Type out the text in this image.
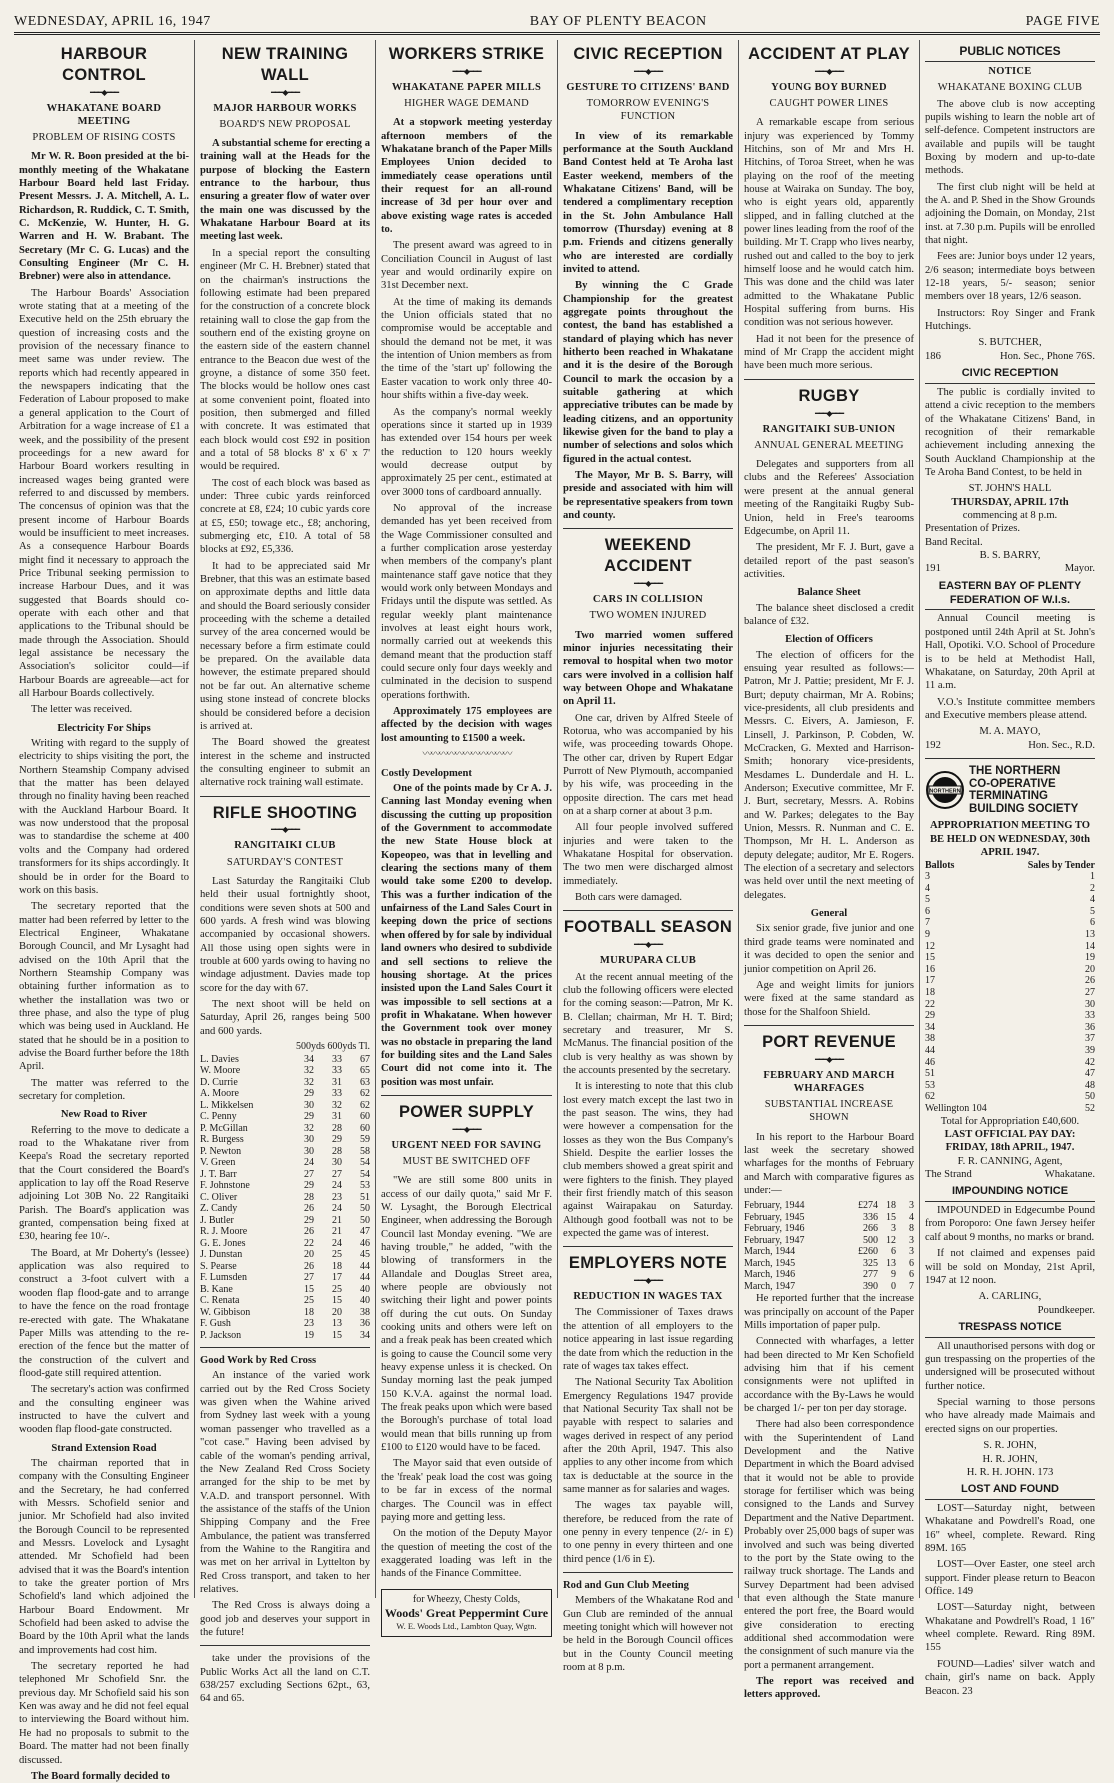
WEDNESDAY, APRIL 16, 1947	BAY OF PLENTY BEACON	PAGE FIVE
HARBOUR CONTROL
━━━◆━━━
WHAKATANE BOARD MEETING
PROBLEM OF RISING COSTS

Mr W. R. Boon presided at the bi-monthly meeting of the Whakatane Harbour Board held last Friday. Present Messrs. J. A. Mitchell, A. L. Richardson, R. Ruddick, C. T. Smith, C. McKenzie, W. Hunter, H. G. Warren and H. W. Brabant. The Secretary (Mr C. G. Lucas) and the Consulting Engineer (Mr C. H. Brebner) were also in attendance.

The Harbour Boards' Association wrote stating that at a meeting of the Executive held on the 25th ebruary the question of increasing costs and the provision of the necessary finance to meet same was under review. The reports which had recently appeared in the newspapers indicating that the Federation of Labour proposed to make a general application to the Court of Arbitration for a wage increase of £1 a week, and the possibility of the present proceedings for a new award for Harbour Board workers resulting in increased wages being granted were referred to and discussed by members. The concensus of opinion was that the present income of Harbour Boards would be insufficient to meet increases. As a consequence Harbour Boards might find it necessary to approach the Price Tribunal seeking permission to increase Harbour Dues, and it was suggested that Boards should co-operate with each other and that applications to the Tribunal should be made through the Association. Should legal assistance be necessary the Association's solicitor could—if Harbour Boards are agreeable—act for all Harbour Boards collectively.

The letter was received.

Electricity For Ships

Writing with regard to the supply of electricity to ships visiting the port, the Northern Steamship Company advised that the matter has been delayed through no finality having been reached with the Auckland Harbour Board. It was now understood that the proposal was to standardise the scheme at 400 volts and the Company had ordered transformers for its ships accordingly. It should be in order for the Board to work on this basis.

The secretary reported that the matter had been referred by letter to the Electrical Engineer, Whakatane Borough Council, and Mr Lysaght had advised on the 10th April that the Northern Steamship Company was obtaining further information as to whether the installation was two or three phase, and also the type of plug which was being used in Auckland. He stated that he should be in a position to advise the Board further before the 18th April.

The matter was referred to the secretary for completion.

New Road to River

Referring to the move to dedicate a road to the Whakatane river from Keepa's Road the secretary reported that the Court considered the Board's application to lay off the Road Reserve adjoining Lot 30B No. 22 Rangitaiki Parish. The Board's application was granted, compensation being fixed at £30, hearing fee 10/-.

The Board, at Mr Doherty's (lessee) application was also required to construct a 3-foot culvert with a wooden flap flood-gate and to arrange to have the fence on the road frontage re-erected with gate. The Whakatane Paper Mills was attending to the re-erection of the fence but the matter of the construction of the culvert and flood-gate still required attention.

The secretary's action was confirmed and the consulting engineer was instructed to have the culvert and wooden flap flood-gate constructed.

Strand Extension Road

The chairman reported that in company with the Consulting Engineer and the Secretary, he had conferred with Messrs. Schofield senior and junior. Mr Schofield had also invited the Borough Council to be represented and Messrs. Lovelock and Lysaght attended. Mr Schofield had been advised that it was the Board's intention to take the greater portion of Mrs Schofield's land which adjoined the Harbour Board Endowment. Mr Schofield had been asked to advise the Board by the 10th April what the lands and improvements had cost him.

The secretary reported he had telephoned Mr Schofield Snr. the previous day. Mr Schofield said his son Ken was away and he did not feel equal to interviewing the Board without him. He had no proposals to submit to the Board. The matter had not been finally discussed.

The Board formally decided to

NEW TRAINING WALL
━━━◆━━━
MAJOR HARBOUR WORKS
BOARD'S NEW PROPOSAL

A substantial scheme for erecting a training wall at the Heads for the purpose of blocking the Eastern entrance to the harbour, thus ensuring a greater flow of water over the main one was discussed by the Whakatane Harbour Board at its meeting last week.

In a special report the consulting engineer (Mr C. H. Brebner) stated that on the chairman's instructions the following estimate had been prepared for the construction of a concrete block retaining wall to close the gap from the southern end of the existing groyne on the eastern side of the eastern channel entrance to the Beacon due west of the groyne, a distance of some 350 feet. The blocks would be hollow ones cast at some convenient point, floated into position, then submerged and filled with concrete. It was estimated that each block would cost £92 in position and a total of 58 blocks 8' x 6' x 7' would be required.

The cost of each block was based as under: Three cubic yards reinforced concrete at £8, £24; 10 cubic yards core at £5, £50; towage etc., £8; anchoring, submerging etc, £10. A total of 58 blocks at £92, £5,336.

It had to be appreciated said Mr Brebner, that this was an estimate based on approximate depths and little data and should the Board seriously consider proceeding with the scheme a detailed survey of the area concerned would be necessary before a firm estimate could be prepared. On the available data however, the estimate prepared should not be far out. An alternative scheme using stone instead of concrete blocks should be considered before a decision is arrived at.

The Board showed the greatest interest in the scheme and instructed the consulting engineer to submit an alternative rock training wall estimate.

RIFLE SHOOTING
━━━◆━━━
RANGITAIKI CLUB
SATURDAY'S CONTEST

Last Saturday the Rangitaiki Club held their usual fortnightly shoot, conditions were seven shots at 500 and 600 yards. A fresh wind was blowing accompanied by occasional showers. All those using open sights were in trouble at 600 yards owing to having no windage adjustment. Davies made top score for the day with 67.

The next shoot will be held on Saturday, April 26, ranges being 500 and 600 yards.

500yds 600yds Tl.
L. Davies	34	33	67
W. Moore	32	33	65
D. Currie	32	31	63
A. Moore	29	33	62
L. Mikkelsen	30	32	62
C. Penny	29	31	60
P. McGillan	32	28	60
R. Burgess	30	29	59
P. Newton	30	28	58
V. Green	24	30	54
J. T. Barr	27	27	54
F. Johnstone	29	24	53
C. Oliver	28	23	51
Z. Candy	26	24	50
J. Butler	29	21	50
R. J. Moore	26	21	47
G. E. Jones	22	24	46
J. Dunstan	20	25	45
S. Pearse	26	18	44
F. Lumsden	27	17	44
B. Kane	15	25	40
C. Renata	25	15	40
W. Gibbison	18	20	38
F. Gush	23	13	36
P. Jackson	19	15	34
Good Work by Red Cross

An instance of the varied work carried out by the Red Cross Society was given when the Wahine arived from Sydney last week with a young woman passenger who travelled as a "cot case." Having been advised by cable of the woman's pending arrival, the New Zealand Red Cross Society arranged for the ship to be met by V.A.D. and transport personnel. With the assistance of the staffs of the Union Shipping Company and the Free Ambulance, the patient was transferred from the Wahine to the Rangitira and was met on her arrival in Lyttelton by Red Cross transport, and taken to her relatives.

The Red Cross is always doing a good job and deserves your support in the future!

take under the provisions of the Public Works Act all the land on C.T. 638/257 excluding Sections 62pt., 63, 64 and 65.

WORKERS STRIKE
━━━◆━━━
WHAKATANE PAPER MILLS
HIGHER WAGE DEMAND

At a stopwork meeting yesterday afternoon members of the Whakatane branch of the Paper Mills Employees Union decided to immediately cease operations until their request for an all-round increase of 3d per hour over and above existing wage rates is acceded to.

The present award was agreed to in Conciliation Council in August of last year and would ordinarily expire on 31st December next.

At the time of making its demands the Union officials stated that no compromise would be acceptable and should the demand not be met, it was the intention of Union members as from the time of the 'start up' following the Easter vacation to work only three 40-hour shifts within a five-day week.

As the company's normal weekly operations since it started up in 1939 has extended over 154 hours per week the reduction to 120 hours weekly would decrease output by approximately 25 per cent., estimated at over 3000 tons of cardboard annually.

No approval of the increase demanded has yet been received from the Wage Commissioner consulted and a further complication arose yesterday when members of the company's plant maintenance staff gave notice that they would work only between Mondays and Fridays until the dispute was settled. As regular weekly plant maintenance involves at least eight hours work, normally carried out at weekends this demand meant that the production staff could secure only four days weekly and culminated in the decision to suspend operations forthwith.

Approximately 175 employees are affected by the decision with wages lost amounting to £1500 a week.

〰〰〰〰〰〰〰〰〰〰〰
Costly Development

One of the points made by Cr A. J. Canning last Monday evening when discussing the cutting up proposition of the Government to accommodate the new State House block at Kopeopeo, was that in levelling and clearing the sections many of them would take some £200 to develop. This was a further indication of the unfairness of the Land Sales Court in keeping down the price of sections when offered by for sale by individual land owners who desired to subdivide and sell sections to relieve the housing shortage. At the prices insisted upon the Land Sales Court it was impossible to sell sections at a profit in Whakatane. When however the Government took over money was no obstacle in preparing the land for building sites and the Land Sales Court did not come into it. The position was most unfair.

POWER SUPPLY
━━━◆━━━
URGENT NEED FOR SAVING
MUST BE SWITCHED OFF

"We are still some 800 units in access of our daily quota," said Mr F. W. Lysaght, the Borough Electrical Engineer, when addressing the Borough Council last Monday evening. "We are having trouble," he added, "with the blowing of transformers in the Allandale and Douglas Street area, where people are obviously not switching their light and power points off during the cut outs. On Sunday cooking units and others were left on and a freak peak has been created which is going to cause the Council some very heavy expense unless it is checked. On Sunday morning last the peak jumped 150 K.V.A. against the normal load. The freak peaks upon which were based the Borough's purchase of total load would mean that bills running up from £100 to £120 would have to be faced.

The Mayor said that even outside of the 'freak' peak load the cost was going to be far in excess of the normal charges. The Council was in effect paying more and getting less.

On the motion of the Deputy Mayor the question of meeting the cost of the exaggerated loading was left in the hands of the Finance Committee.

for Wheezy, Chesty Colds,
Woods' Great Peppermint Cure
W. E. Woods Ltd., Lambton Quay, Wgtn.
CIVIC RECEPTION
━━━◆━━━
GESTURE TO CITIZENS' BAND
TOMORROW EVENING'S FUNCTION

In view of its remarkable performance at the South Auckland Band Contest held at Te Aroha last Easter weekend, members of the Whakatane Citizens' Band, will be tendered a complimentary reception in the St. John Ambulance Hall tomorrow (Thursday) evening at 8 p.m. Friends and citizens generally who are interested are cordially invited to attend.

By winning the C Grade Championship for the greatest aggregate points throughout the contest, the band has established a standard of playing which has never hitherto been reached in Whakatane and it is the desire of the Borough Council to mark the occasion by a suitable gathering at which appreciative tributes can be made by leading citizens, and an opportunity likewise given for the band to play a number of selections and solos which figured in the actual contest.

The Mayor, Mr B. S. Barry, will preside and associated with him will be representative speakers from town and county.

WEEKEND ACCIDENT
━━━◆━━━
CARS IN COLLISION
TWO WOMEN INJURED

Two married women suffered minor injuries necessitating their removal to hospital when two motor cars were involved in a collision half way between Ohope and Whakatane on April 11.

One car, driven by Alfred Steele of Rotorua, who was accompanied by his wife, was proceeding towards Ohope. The other car, driven by Rupert Edgar Purrott of New Plymouth, accompanied by his wife, was proceeding in the opposite direction. The cars met head on at a sharp corner at about 3 p.m.

All four people involved suffered injuries and were taken to the Whakatane Hospital for observation. The two men were discharged almost immediately.

Both cars were damaged.

FOOTBALL SEASON
━━━◆━━━
MURUPARA CLUB

At the recent annual meeting of the club the following officers were elected for the coming season:—Patron, Mr K. B. Clellan; chairman, Mr H. T. Bird; secretary and treasurer, Mr S. McManus. The financial position of the club is very healthy as was shown by the accounts presented by the secretary.

It is interesting to note that this club lost every match except the last two in the past season. The wins, they had were however a compensation for the losses as they won the Bus Company's Shield. Despite the earlier losses the club members showed a great spirit and were fighters to the finish. They played their first friendly match of this season against Wairapakau on Saturday. Although good football was not to be expected the game was of interest.

EMPLOYERS NOTE
━━━◆━━━
REDUCTION IN WAGES TAX

The Commissioner of Taxes draws the attention of all employers to the notice appearing in last issue regarding the date from which the reduction in the rate of wages tax takes effect.

The National Security Tax Abolition Emergency Regulations 1947 provide that National Security Tax shall not be payable with respect to salaries and wages derived in respect of any period after the 20th April, 1947. This also applies to any other income from which tax is deductable at the source in the same manner as for salaries and wages.

The wages tax payable will, therefore, be reduced from the rate of one penny in every tenpence (2/- in £) to one penny in every thirteen and one third pence (1/6 in £).

Rod and Gun Club Meeting

Members of the Whakatane Rod and Gun Club are reminded of the annual meeting tonight which will however not be held in the Borough Council offices but in the County Council meeting room at 8 p.m.

ACCIDENT AT PLAY
━━━◆━━━
YOUNG BOY BURNED
CAUGHT POWER LINES

A remarkable escape from serious injury was experienced by Tommy Hitchins, son of Mr and Mrs H. Hitchins, of Toroa Street, when he was playing on the roof of the meeting house at Wairaka on Sunday. The boy, who is eight years old, apparently slipped, and in falling clutched at the power lines leading from the roof of the building. Mr T. Crapp who lives nearby, rushed out and called to the boy to jerk himself loose and he would catch him. This was done and the child was later admitted to the Whakatane Public Hospital suffering from burns. His condition was not serious however.

Had it not been for the presence of mind of Mr Crapp the accident might have been much more serious.

RUGBY
━━━◆━━━
RANGITAIKI SUB-UNION
ANNUAL GENERAL MEETING

Delegates and supporters from all clubs and the Referees' Association were present at the annual general meeting of the Rangitaiki Rugby Sub-Union, held in Free's tearooms Edgecumbe, on April 11.

The president, Mr F. J. Burt, gave a detailed report of the past season's activities.

Balance Sheet

The balance sheet disclosed a credit balance of £32.

Election of Officers

The election of officers for the ensuing year resulted as follows:—Patron, Mr J. Pattie; president, Mr F. J. Burt; deputy chairman, Mr A. Robins; vice-presidents, all club presidents and Messrs. C. Eivers, A. Jamieson, F. Linsell, J. Parkinson, P. Cobden, W. McCracken, G. Mexted and Harrison-Smith; honorary vice-presidents, Mesdames L. Dunderdale and H. L. Anderson; Executive committee, Mr F. J. Burt, secretary, Messrs. A. Robins and W. Parkes; delegates to the Bay Union, Messrs. R. Nunman and C. E. Thompson, Mr H. L. Anderson as deputy delegate; auditor, Mr E. Rogers. The election of a secretary and selectors was held over until the next meeting of delegates.

General

Six senior grade, five junior and one third grade teams were nominated and it was decided to open the senior and junior competition on April 26.

Age and weight limits for juniors were fixed at the same standard as those for the Shalfoon Shield.

PORT REVENUE
━━━◆━━━
FEBRUARY AND MARCH WHARFAGES
SUBSTANTIAL INCREASE SHOWN

In his report to the Harbour Board last week the secretary showed wharfages for the months of February and March with comparative figures as under:—

February, 1944	£274	18	3
February, 1945	336	15	4
February, 1946	266	3	8
February, 1947	500	12	3
March, 1944	£260	6	3
March, 1945	325	13	6
March, 1946	277	9	6
March, 1947	390	0	7

He reported further that the increase was principally on account of the Paper Mills importation of paper pulp.

Connected with wharfages, a letter had been directed to Mr Ken Schofield advising him that if his cement consignments were not uplifted in accordance with the By-Laws he would be charged 1/- per ton per day storage.

There had also been correspondence with the Superintendent of Land Development and the Native Department in which the Board advised that it would not be able to provide storage for fertiliser which was being consigned to the Lands and Survey Department and the Native Department. Probably over 25,000 bags of super was involved and such was being diverted to the port by the State owing to the railway truck shortage. The Lands and Survey Department had been advised that even although the State manure entered the port free, the Board would give consideration to erecting additional shed accommodation were the consignment of such manure via the port a permanent arrangement.

The report was received and letters approved.

PUBLIC NOTICES
NOTICE
WHAKATANE BOXING CLUB

The above club is now accepting pupils wishing to learn the noble art of self-defence. Competent instructors are available and pupils will be taught Boxing by modern and up-to-date methods.

The first club night will be held at the A. and P. Shed in the Show Grounds adjoining the Domain, on Monday, 21st inst. at 7.30 p.m. Pupils will be enrolled that night.

Fees are: Junior boys under 12 years, 2/6 season; intermediate boys between 12-18 years, 5/- season; senior members over 18 years, 12/6 season.

Instructors: Roy Singer and Frank Hutchings.

S. BUTCHER,
186	Hon. Sec., Phone 76S.
CIVIC RECEPTION

The public is cordially invited to attend a civic reception to the members of the Whakatane Citizens' Band, in recognition of their remarkable achievement including annexing the South Auckland Championship at the Te Aroha Band Contest, to be held in

ST. JOHN'S HALL
THURSDAY, APRIL 17th
commencing at 8 p.m.
Presentation of Prizes.
Band Recital.
B. S. BARRY,
191	Mayor.
EASTERN BAY OF PLENTY FEDERATION OF W.I.s.

Annual Council meeting is postponed until 24th April at St. John's Hall, Opotiki. V.O. School of Procedure is to be held at Methodist Hall, Whakatane, on Saturday, 20th April at 11 a.m.

V.O.'s Institute committee members and Executive members please attend.

M. A. MAYO,
192	Hon. Sec., R.D.
NORTHERN
THE NORTHERN
CO-OPERATIVE
TERMINATING
BUILDING SOCIETY
APPROPRIATION MEETING TO BE HELD ON WEDNESDAY, 30th APRIL 1947.
Ballots
3
4
5
6
7
9
12
15
16
17
18
22
29
34
38
44
46
51
53
62
Wellington 104
Sales by Tender
1
2
4
5
6
13
14
19
20
26
27
30
33
36
37
39
42
47
48
50
52
Total for Appropriation £40,600.
LAST OFFICIAL PAY DAY:
FRIDAY, 18th APRIL, 1947.
F. R. CANNING, Agent,
The Strand	Whakatane.
IMPOUNDING NOTICE

IMPOUNDED in Edgecumbe Pound from Poroporo: One fawn Jersey heifer calf about 9 months, no marks or brand.

If not claimed and expenses paid will be sold on Monday, 21st April, 1947 at 12 noon.

A. CARLING,
Poundkeeper.
TRESPASS NOTICE

All unauthorised persons with dog or gun trespassing on the properties of the undersigned will be prosecuted without further notice.

Special warning to those persons who have already made Maimais and erected signs on our properties.

S. R. JOHN,
H. R. JOHN,
H. R. H. JOHN. 173
LOST AND FOUND

LOST—Saturday night, between Whakatane and Powdrell's Road, one 16" wheel, complete. Reward. Ring 89M. 165

LOST—Over Easter, one steel arch support. Finder please return to Beacon Office. 149

LOST—Saturday night, between Whakatane and Powdrell's Road, 1 16" wheel complete. Reward. Ring 89M. 155

FOUND—Ladies' silver watch and chain, girl's name on back. Apply Beacon. 23
